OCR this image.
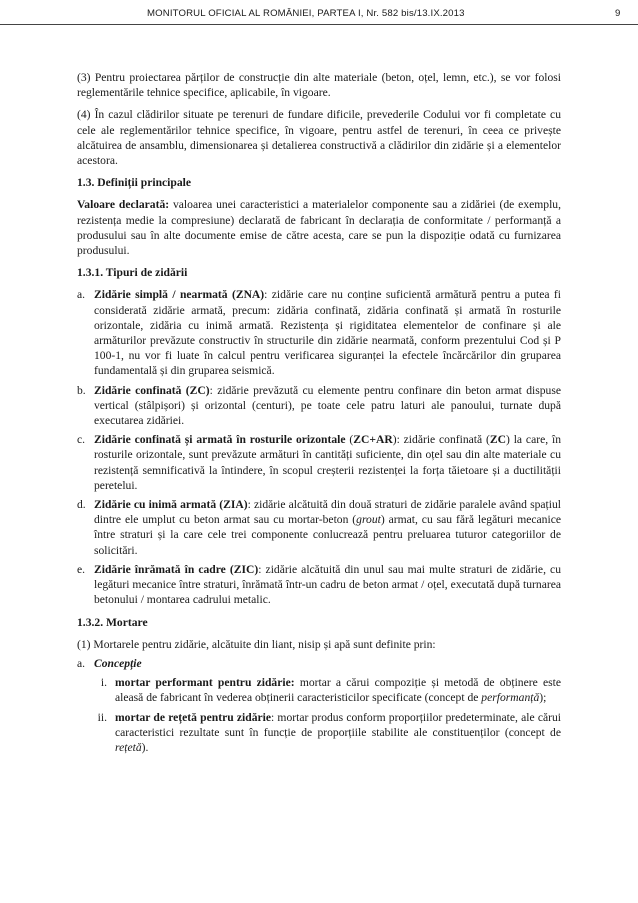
MONITORUL OFICIAL AL ROMÂNIEI, PARTEA I, Nr. 582 bis/13.IX.2013	9

(3) Pentru proiectarea părților de construcție din alte materiale (beton, oțel, lemn, etc.), se vor folosi reglementările tehnice specifice, aplicabile, în vigoare.

(4) În cazul clădirilor situate pe terenuri de fundare dificile, prevederile Codului vor fi completate cu cele ale reglementărilor tehnice specifice, în vigoare, pentru astfel de terenuri, în ceea ce privește alcătuirea de ansamblu, dimensionarea și detalierea constructivă a clădirilor din zidărie și a elementelor acestora.

1.3. Definiții principale

Valoare declarată: valoarea unei caracteristici a materialelor componente sau a zidăriei (de exemplu, rezistența medie la compresiune) declarată de fabricant în declarația de conformitate / performanță a produsului sau în alte documente emise de către acesta, care se pun la dispoziție odată cu furnizarea produsului.

1.3.1. Tipuri de zidării

a. Zidărie simplă / nearmată (ZNA): zidărie care nu conține suficientă armătură pentru a putea fi considerată zidărie armată, precum: zidăria confinată, zidăria confinată și armată în rosturile orizontale, zidăria cu inimă armată. Rezistența și rigiditatea elementelor de confinare și ale armăturilor prevăzute constructiv în structurile din zidărie nearmată, conform prezentului Cod și P 100-1, nu vor fi luate în calcul pentru verificarea siguranței la efectele încărcărilor din gruparea fundamentală și din gruparea seismică.
b. Zidărie confinată (ZC): zidărie prevăzută cu elemente pentru confinare din beton armat dispuse vertical (stâlpișori) și orizontal (centuri), pe toate cele patru laturi ale panoului, turnate după executarea zidăriei.
c. Zidărie confinată și armată în rosturile orizontale (ZC+AR): zidărie confinată (ZC) la care, în rosturile orizontale, sunt prevăzute armături în cantități suficiente, din oțel sau din alte materiale cu rezistență semnificativă la întindere, în scopul creșterii rezistenței la forța tăietoare și a ductilității peretelui.
d. Zidărie cu inimă armată (ZIA): zidărie alcătuită din două straturi de zidărie paralele având spațiul dintre ele umplut cu beton armat sau cu mortar-beton (grout) armat, cu sau fără legături mecanice între straturi și la care cele trei componente conlucrează pentru preluarea tuturor categoriilor de solicitări.
e. Zidărie înrămată în cadre (ZIC): zidărie alcătuită din unul sau mai multe straturi de zidărie, cu legături mecanice între straturi, înrămată într-un cadru de beton armat / oțel, executată după turnarea betonului / montarea cadrului metalic.

1.3.2. Mortare

(1) Mortarele pentru zidărie, alcătuite din liant, nisip și apă sunt definite prin:

a. Concepție
i. mortar performant pentru zidărie: mortar a cărui compoziție și metodă de obținere este aleasă de fabricant în vederea obținerii caracteristicilor specificate (concept de performanță);
ii. mortar de rețetă pentru zidărie: mortar produs conform proporțiilor predeterminate, ale cărui caracteristici rezultate sunt în funcție de proporțiile stabilite ale constituenților (concept de rețetă).
